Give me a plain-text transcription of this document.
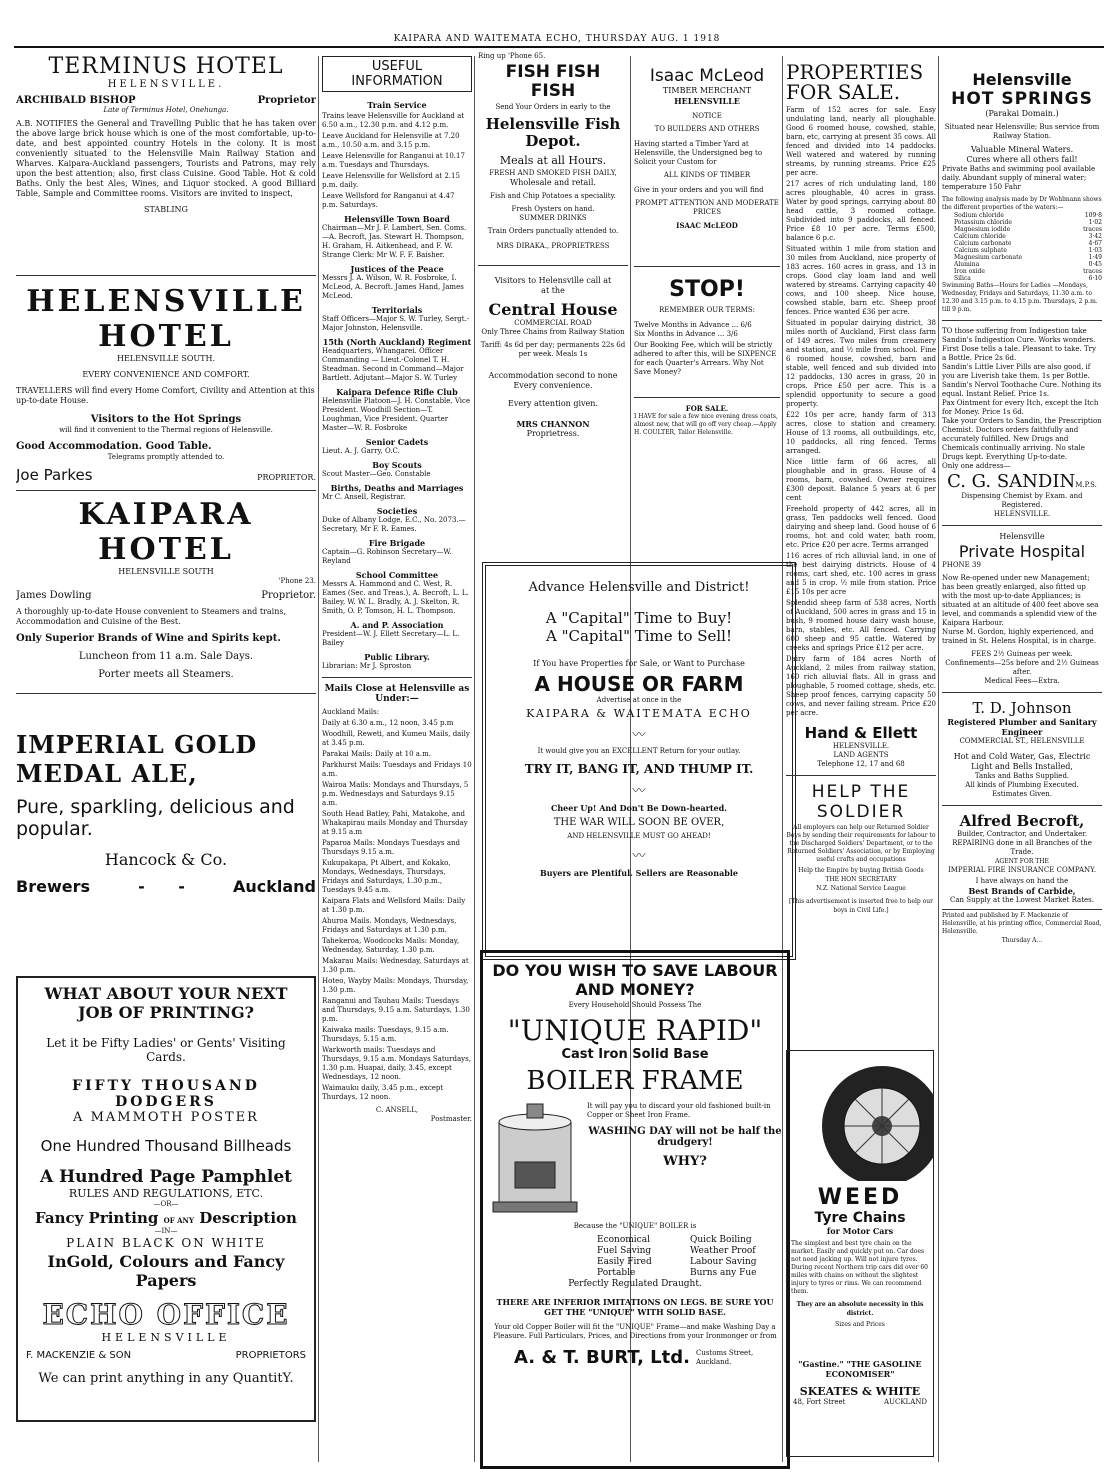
KAIPARA AND WAITEMATA ECHO, THURSDAY AUG. 1 1918
TERMINUS HOTEL
HELENSVILLE.
ARCHIBALD BISHOP	Proprietor
Late of Terminus Hotel, Onehunga.
A.B. NOTIFIES the General and Travelling Public that he has taken over the above large brick house which is one of the most comfortable, up-to-date, and best appointed country Hotels in the colony. It is most conveniently situated to the Helensville Main Railway Station and Wharves. Kaipara-Auckland passengers, Tourists and Patrons, may rely upon the best attention; also, first class Cuisine. Good Table. Hot & cold Baths. Only the best Ales, Wines, and Liquor stocked. A good Billiard Table, Sample and Committee rooms. Visitors are invited to inspect,
STABLING
HELENSVILLE HOTEL
HELENSVILLE SOUTH.
EVERY CONVENIENCE AND COMFORT.
TRAVELLERS will find every Home Comfort, Civility and Attention at this up-to-date House.
Visitors to the Hot Springs
will find it convenient to the Thermal regions of Helensville.
Good Accommodation. Good Table.
Telegrams promptly attended to.
Joe Parkes	PROPRIETOR.
KAIPARA HOTEL
HELENSVILLE SOUTH
'Phone 23.
James Dowling	Proprietor.
A thoroughly up-to-date House convenient to Steamers and trains, Accommodation and Cuisine of the Best.
Only Superior Brands of Wine and Spirits kept.
Luncheon from 11 a.m. Sale Days.
Porter meets all Steamers.
IMPERIAL GOLD MEDAL ALE,
Pure, sparkling, delicious and
popular.
Hancock & Co.
Brewers	-      -	Auckland
WHAT ABOUT YOUR NEXT JOB OF PRINTING?
Let it be Fifty Ladies' or Gents' Visiting Cards.
FIFTY THOUSAND DODGERS
A MAMMOTH POSTER
One Hundred Thousand Billheads
A Hundred Page Pamphlet
RULES AND REGULATIONS, ETC.
—OR—
Fancy Printing OF ANY Description
—IN—
PLAIN BLACK ON WHITE
InGold, Colours and Fancy Papers
ECHO OFFICE
HELENSVILLE
F. MACKENZIE & SON	PROPRIETORS
We can print anything in any QuantitY.
USEFUL INFORMATION
Train Service
Trains leave Helensville for Auckland at 6.50 a.m., 12.30 p.m. and 4.12 p.m.
Leave Auckland for Helensville at 7.20 a.m., 10.50 a.m. and 3.15 p.m.
Leave Helensville for Ranganui at 10.17 a.m. Tuesdays and Thursdays.
Leave Helensville for Wellsford at 2.15 p.m. daily.
Leave Wellsford for Ranganui at 4.47 p.m. Saturdays.
Helensville Town Board
Chairman—Mr J. F. Lambert, Sen. Coms.—A. Becroft, Jas. Stewart H. Thompson, H. Graham, H. Aitkenhead, and F. W. Strange Clerk: Mr W. F. F. Baisher.
Justices of the Peace
Messrs J. A. Wilson, W. R. Fosbroke, I. McLeod, A. Becroft. James Hand, James McLeod.
Territorials
Staff Officers—Major S. W. Turley, Sergt.-Major Johnston, Helensville.
15th (North Auckland) Regiment
Headquarters, Whangarei. Officer Commanding — Lieut.-Colonel T. H. Steadman. Second in Command—Major Bartlett. Adjutant—Major S. W. Turley
Kaipara Defence Rifle Club
Helensville Platoon—J. H. Constable, Vice President. Woodhill Section—T. Loughman, Vice President. Quarter Master—W. R. Fosbroke
Senior Cadets
Lieut. A. J. Garry, O.C.
Boy Scouts
Scout Master—Geo. Constable
Births, Deaths and Marriages
Mr C. Ansell, Registrar.
Societies
Duke of Albany Lodge, E.C., No. 2073.—Secretary, Mr F. R. Eames.
Fire Brigade
Captain—G. Robinson Secretary—W. Reyland
School Committee
Messrs A. Hammond and C. West, R. Eames (Sec. and Treas.), A. Becroft, L. L. Bailey, W. W. L. Bradly, A. J. Skelton, R. Smith, O. P. Tomson, H. L. Thompson.
A. and P. Association
President—W. J. Ellett Secretary—L. L. Bailey
Public Library.
Librarian: Mr J. Sproston
Mails Close at Helensville as Under:—
Auckland Mails:
Daily at 6.30 a.m., 12 noon, 3.45 p.m
Woodhill, Reweti, and Kumeu Mails, daily at 3.45 p.m.
Parakai Mails: Daily at 10 a.m.
Parkhurst Mails: Tuesdays and Fridays 10 a.m.
Wairoa Mails: Mondays and Thursdays, 5 p.m. Wednesdays and Saturdays 9.15 a.m.
South Head Batley, Pahi, Matakohe, and Whakapirau mails Monday and Thursday at 9.15 a.m
Paparoa Mails: Mondays Tuesdays and Thursdays 9.15 a.m.
Kukupakapa, Pt Albert, and Kokako, Mondays, Wednesdays, Thursdays, Fridays and Saturdays, 1.30 p.m., Tuesdays 9.45 a.m.
Kaipara Flats and Wellsford Mails: Daily at 1.30 p.m.
Ahuroa Mails. Mondays, Wednesdays, Fridays and Saturdays at 1.30 p.m.
Tahekeroa, Woodcocks Mails: Monday, Wednesday, Saturday, 1.30 p.m.
Makarau Mails: Wednesday, Saturdays at 1.30 p.m.
Hoteo, Wayby Mails: Mondays, Thursday, 1.30 p.m.
Ranganui and Tauhau Mails: Tuesdays and Thursdays, 9.15 a.m. Saturdays, 1.30 p.m.
Kaiwaka mails: Tuesdays, 9.15 a.m. Thursdays, 5.15 a.m.
Warkworth mails: Tuesdays and Thursdays, 9.15 a.m. Mondays Saturdays, 1.30 p.m. Huapai, daily, 3.45, except Wednesdays, 12 noon.
Waimauku daily, 3.45 p.m., except Thurdays, 12 noon.
C. ANSELL,
Postmaster.
Ring up 'Phone 65.
FISH FISH FISH
Send Your Orders in early to the
Helensville Fish Depot.
Meals at all Hours.
FRESH AND SMOKED FISH DAILY,
Wholesale and retail.
Fish and Chip Potatoes a speciality.
Fresh Oysters on hand.
SUMMER DRINKS
Train Orders punctually attended to.
MRS DIRAKA., PROPRIETRESS
Visitors to Helensville call at
at the
Central House
COMMERCIAL ROAD
Only Three Chains from Railway Station
Tariff: 4s 6d per day; permanents 22s 6d per week. Meals 1s
Accommodation second to none Every convenience.
Every attention given.
MRS CHANNON
Proprietress.
Isaac McLeod
TIMBER MERCHANT
HELENSVILLE
NOTICE
TO BUILDERS AND OTHERS
Having started a Timber Yard at Helensville, the Undersigned beg to Solicit your Custom for
ALL KINDS OF TIMBER
Give in your orders and you will find
PROMPT ATTENTION AND MODERATE PRICES
ISAAC McLEOD
STOP!
REMEMBER OUR TERMS:
Twelve Months in Advance ... 6/6
Six Months in Advance ... 3/6
Our Booking Fee, which will be strictly adhered to after this, will be SIXPENCE for each Quarter's Arrears. Why Not Save Money?
FOR SALE.
I HAVE for sale a few nice evening dress coats, almost new, that will go off very cheap.—Apply H. COULTER, Tailor Helensville.
Advance Helensville and District!
A "Capital" Time to Buy!
A "Capital" Time to Sell!
If You have Properties for Sale, or Want to Purchase
A HOUSE OR FARM
Advertise at once in the
KAIPARA & WAITEMATA ECHO
〰
It would give you an EXCELLENT Return for your outlay.
TRY IT, BANG IT, AND THUMP IT.
〰
Cheer Up! And Don't Be Down-hearted.
THE WAR WILL SOON BE OVER,
AND HELENSVILLE MUST GO AHEAD!
〰
Buyers are Plentiful. Sellers are Reasonable
DO YOU WISH TO SAVE LABOUR AND MONEY?
Every Household Should Possess The
"UNIQUE RAPID"
Cast Iron Solid Base
BOILER FRAME
It will pay you to discard your old fashioned built-in Copper or Sheet Iron Frame.
WASHING DAY will not be half the drudgery!
WHY?
Because the "UNIQUE" BOILER is
Economical	Quick Boiling
Fuel Saving	Weather Proof
Easily Fired	Labour Saving
Portable	Burns any Fue
Perfectly Regulated Draught.
THERE ARE INFERIOR IMITATIONS ON LEGS. BE SURE YOU GET THE "UNIQUE" WITH SOLID BASE.
Your old Copper Boiler will fit the "UNIQUE" Frame—and make Washing Day a Pleasure. Full Particulars, Prices, and Directions from your Ironmonger or from
A. & T. BURT, Ltd. Customs Street, Auckland.
PROPERTIES
FOR SALE.
Farm of 152 acres for sale. Easy undulating land, nearly all ploughable. Good 6 roomed house, cowshed, stable, barn, etc, carrying at present 35 cows. All fenced and divided into 14 paddocks. Well watered and watered by running streams, by running streams. Price £25 per acre.
217 acres of rich undulating land, 180 acres ploughable, 40 acres in grass. Water by good springs, carrying about 80 head cattle, 3 roomed cottage. Subdivided into 9 paddocks, all fenced. Price £8 10 per acre. Terms £500, balance 6 p.c.
Situated within 1 mile from station and 30 miles from Auckland, nice property of 183 acres. 160 acres in grass, and 13 in crops. Good clay loam land and well watered by streams. Carrying capacity 40 cows, and 100 sheep. Nice house, cowshed stable, barn etc. Sheep proof fences. Price wanted £36 per acre.
Situated in popular dairying district, 38 miles north of Auckland, First class farm of 149 acres. Two miles from creamery and station, and ½ mile from school. Fine 6 roomed house, cowshed, barn and stable, well fenced and sub divided into 12 paddocks, 130 acres in grass, 20 in crops. Price £50 per acre. This is a splendid opportunity to secure a good property.
£22 10s per acre, handy farm of 313 acres, close to station and creamery. House of 13 rooms, all outbuildings, etc, 10 paddocks, all ring fenced. Terms arranged.
Nice little farm of 66 acres, all ploughable and in grass. House of 4 rooms, barn, cowshed. Owner requires £300 deposit. Balance 5 years at 6 per cent
Freehold property of 442 acres, all in grass, Ten paddocks well fenced. Good dairying and sheep land. Good house of 6 rooms, hot and cold water, bath room, etc. Price £20 per acre. Terms arranged
116 acres of rich alluvial land, in one of the best dairying districts. House of 4 rooms, cart shed, etc. 100 acres in grass and 5 in crop. ½ mile from station. Price £15 10s per acre
Splendid sheep farm of 538 acres, North of Auckland, 500 acres in grass and 15 in bush, 9 roomed house dairy wash house, barn, stables, etc. All fenced. Carrying 600 sheep and 95 cattle. Watered by creeks and springs Price £12 per acre.
Dairy farm of 184 acres North of Auckland, 2 miles from railway station, 160 rich alluvial flats. All in grass and ploughable, 5 roomed cottage, sheds, etc. Sheep proof fences, carrying capacity 50 cows, and never failing stream. Price £20 per acre.
Hand & Ellett
HELENSVILLE.
LAND AGENTS
Telephone 12, 17 and 68
HELP THE SOLDIER
All employers can help our Returned Soldier Boys by sending their requirements for labour to the Discharged Soldiers' Department, or to the Returned Soldiers' Association, or by Employing useful crafts and occupations
Help the Empire by buying British Goods
THE HON SECRETARY
N.Z. National Service League
[This advertisement is inserted free to help our boys in Civil Life.]
WEED
Tyre Chains
for Motor Cars
The simplest and best tyre chain on the market. Easily and quickly put on. Car does not need jacking up. Will not injure tyres. During recent Northern trip cars did over 60 miles with chains on without the slightest injury to tyres or rims. We can recommend them.
They are an absolute necessity in this district.
Sizes and Prices
"Gastine." "THE GASOLINE ECONOMISER"
SKEATES & WHITE
48, Fort Street	AUCKLAND
Helensville
HOT SPRINGS
(Parakai Domain.)
Situated near Helensville; Bus service from Railway Station.
Valuable Mineral Waters.
Cures where all others fail!
Private Baths and swimming pool available daily. Abundant supply of mineral water; temperature 150 Fahr
The following analysis made by Dr Wohlmann shows the different properties of the waters:—
Sodium chloride	109·8
Potassium chloride	1·02
Magnesium iodide	traces
Calcium chloride	3·42
Calcium carbonate	4·67
Calcium sulphate	1·03
Magnesium carbonate	1·49
Alumina	0·45
Iron oxide	traces
Silica	6·10
Swimming Baths—Hours for Ladies —Mondays, Wednesday, Fridays and Saturdays, 11.30 a.m. to 12.30 and 3.15 p.m. to 4.15 p.m. Thursdays, 2 p.m. till 9 p.m.
TO those suffering from Indigestion take Sandin's Indigestion Cure. Works wonders.
First Dose tells a tale. Pleasant to take. Try a Bottle. Price 2s 6d.
Sandin's Little Liver Pills are also good, if you are Liverish take them. 1s per Bottle.
Sandin's Nervol Toothache Cure. Nothing its equal. Instant Relief. Price 1s.
Pax Ointment for every Itch, except the Itch for Money. Price 1s 6d.
Take your Orders to Sandin, the Prescription Chemist. Doctors orders faithfully and accurately fulfilled. New Drugs and Chemicals continually arriving. No stale Drugs kept. Everything Up-to-date.
Only one address—
C. G. SANDINM.P.S.
Dispensing Chemist by Exam. and Registered.
HELENSVILLE.
Helensville
Private Hospital
PHONE 39
Now Re-opened under new Management; has been greatly enlarged, also fitted up with the most up-to-date Appliances; is situated at an altitude of 400 feet above sea level, and commands a splendid view of the Kaipara Harbour.
Nurse M. Gordon, highly experienced, and trained in St. Helens Hospital, is in charge.
FEES 2½ Guineas per week.
Confinements—25s before and 2½ Guineas after.
Medical Fees—Extra.
T. D. Johnson
Registered Plumber and Sanitary Engineer
COMMERCIAL ST., HELENSVILLE
Hot and Cold Water, Gas, Electric Light and Bells Installed,
Tanks and Baths Supplied.
All kinds of Plumbing Executed.
Estimates Given.
Alfred Becroft,
Builder, Contractor, and Undertaker.
REPAIRING done in all Branches of the Trade.
AGENT FOR THE
IMPERIAL FIRE INSURANCE COMPANY.
I have always on hand the
Best Brands of Carbide,
Can Supply at the Lowest Market Rates.
Printed and published by F. Mackenzie of Helensville, at his printing office, Commercial Road, Helensville.
Thursday A...
